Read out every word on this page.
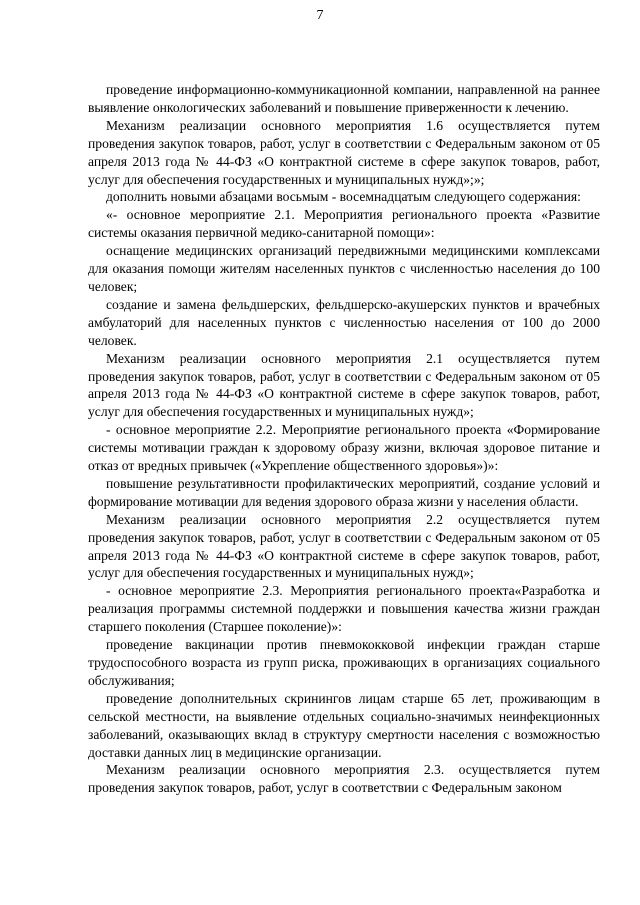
7

проведение информационно-коммуникационной компании, направленной на раннее выявление онкологических заболеваний и повышение приверженности к лечению.

Механизм реализации основного мероприятия 1.6 осуществляется путем проведения закупок товаров, работ, услуг в соответствии с Федеральным законом от 05 апреля 2013 года № 44-ФЗ «О контрактной системе в сфере закупок товаров, работ, услуг для обеспечения государственных и муниципальных нужд»;»;

дополнить новыми абзацами восьмым - восемнадцатым следующего содержания:

«- основное мероприятие 2.1. Мероприятия регионального проекта «Развитие системы оказания первичной медико-санитарной помощи»:

оснащение медицинских организаций передвижными медицинскими комплексами для оказания помощи жителям населенных пунктов с численностью населения до 100 человек;

создание и замена фельдшерских, фельдшерско-акушерских пунктов и врачебных амбулаторий для населенных пунктов с численностью населения от 100 до 2000 человек.

Механизм реализации основного мероприятия 2.1 осуществляется путем проведения закупок товаров, работ, услуг в соответствии с Федеральным законом от 05 апреля 2013 года № 44-ФЗ «О контрактной системе в сфере закупок товаров, работ, услуг для обеспечения государственных и муниципальных нужд»;

- основное мероприятие 2.2. Мероприятие регионального проекта «Формирование системы мотивации граждан к здоровому образу жизни, включая здоровое питание и отказ от вредных привычек («Укрепление общественного здоровья»)»:

повышение результативности профилактических мероприятий, создание условий и формирование мотивации для ведения здорового образа жизни у населения области.

Механизм реализации основного мероприятия 2.2 осуществляется путем проведения закупок товаров, работ, услуг в соответствии с Федеральным законом от 05 апреля 2013 года № 44-ФЗ «О контрактной системе в сфере закупок товаров, работ, услуг для обеспечения государственных и муниципальных нужд»;

- основное мероприятие 2.3. Мероприятия регионального проекта«Разработка и реализация программы системной поддержки и повышения качества жизни граждан старшего поколения (Старшее поколение)»:

проведение вакцинации против пневмококковой инфекции граждан старше трудоспособного возраста из групп риска, проживающих в организациях социального обслуживания;

проведение дополнительных скринингов лицам старше 65 лет, проживающим в сельской местности, на выявление отдельных социально-значимых неинфекционных заболеваний, оказывающих вклад в структуру смертности населения с возможностью доставки данных лиц в медицинские организации.

Механизм реализации основного мероприятия 2.3. осуществляется путем проведения закупок товаров, работ, услуг в соответствии с Федеральным законом
